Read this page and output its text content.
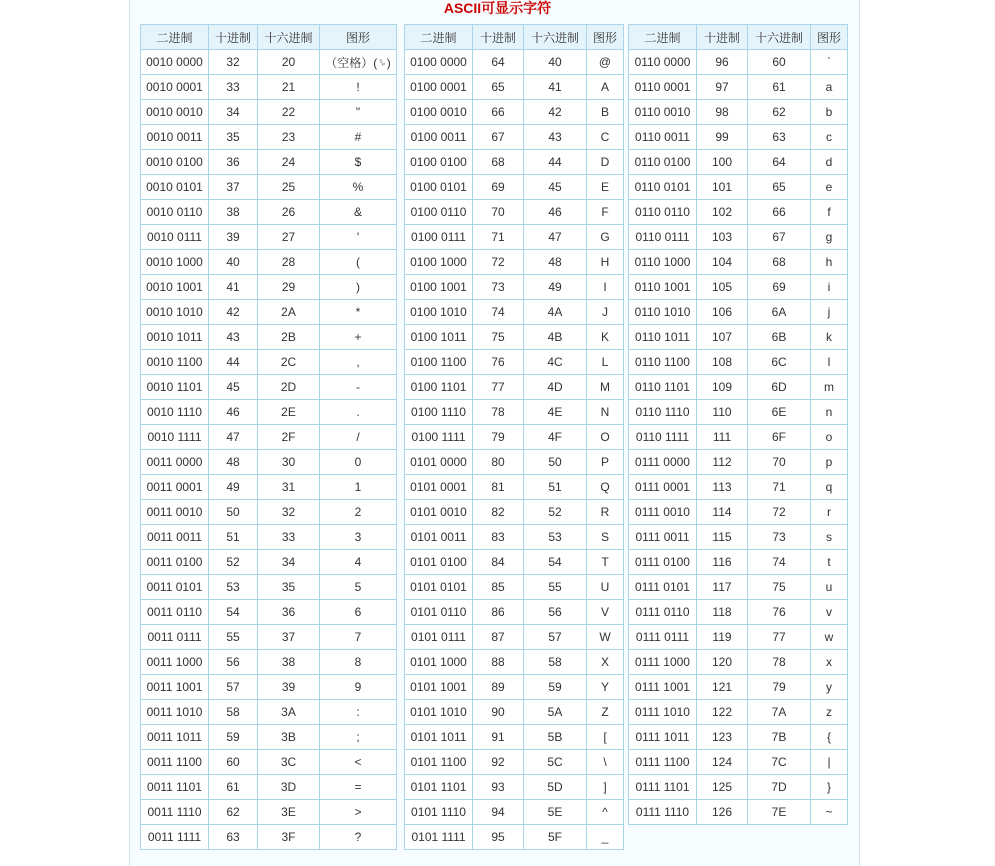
ASCII可显示字符
二进制	十进制	十六进制	图形
0010 0000	32	20	（空格）(␠)
0010 0001	33	21	!
0010 0010	34	22	"
0010 0011	35	23	#
0010 0100	36	24	$
0010 0101	37	25	%
0010 0110	38	26	&
0010 0111	39	27	'
0010 1000	40	28	(
0010 1001	41	29	)
0010 1010	42	2A	*
0010 1011	43	2B	+
0010 1100	44	2C	,
0010 1101	45	2D	-
0010 1110	46	2E	.
0010 1111	47	2F	/
0011 0000	48	30	0
0011 0001	49	31	1
0011 0010	50	32	2
0011 0011	51	33	3
0011 0100	52	34	4
0011 0101	53	35	5
0011 0110	54	36	6
0011 0111	55	37	7
0011 1000	56	38	8
0011 1001	57	39	9
0011 1010	58	3A	:
0011 1011	59	3B	;
0011 1100	60	3C	<
0011 1101	61	3D	=
0011 1110	62	3E	>
0011 1111	63	3F	?
二进制	十进制	十六进制	图形
0100 0000	64	40	@
0100 0001	65	41	A
0100 0010	66	42	B
0100 0011	67	43	C
0100 0100	68	44	D
0100 0101	69	45	E
0100 0110	70	46	F
0100 0111	71	47	G
0100 1000	72	48	H
0100 1001	73	49	I
0100 1010	74	4A	J
0100 1011	75	4B	K
0100 1100	76	4C	L
0100 1101	77	4D	M
0100 1110	78	4E	N
0100 1111	79	4F	O
0101 0000	80	50	P
0101 0001	81	51	Q
0101 0010	82	52	R
0101 0011	83	53	S
0101 0100	84	54	T
0101 0101	85	55	U
0101 0110	86	56	V
0101 0111	87	57	W
0101 1000	88	58	X
0101 1001	89	59	Y
0101 1010	90	5A	Z
0101 1011	91	5B	[
0101 1100	92	5C	\
0101 1101	93	5D	]
0101 1110	94	5E	^
0101 1111	95	5F	_
二进制	十进制	十六进制	图形
0110 0000	96	60	`
0110 0001	97	61	a
0110 0010	98	62	b
0110 0011	99	63	c
0110 0100	100	64	d
0110 0101	101	65	e
0110 0110	102	66	f
0110 0111	103	67	g
0110 1000	104	68	h
0110 1001	105	69	i
0110 1010	106	6A	j
0110 1011	107	6B	k
0110 1100	108	6C	l
0110 1101	109	6D	m
0110 1110	110	6E	n
0110 1111	111	6F	o
0111 0000	112	70	p
0111 0001	113	71	q
0111 0010	114	72	r
0111 0011	115	73	s
0111 0100	116	74	t
0111 0101	117	75	u
0111 0110	118	76	v
0111 0111	119	77	w
0111 1000	120	78	x
0111 1001	121	79	y
0111 1010	122	7A	z
0111 1011	123	7B	{
0111 1100	124	7C	|
0111 1101	125	7D	}
0111 1110	126	7E	~
